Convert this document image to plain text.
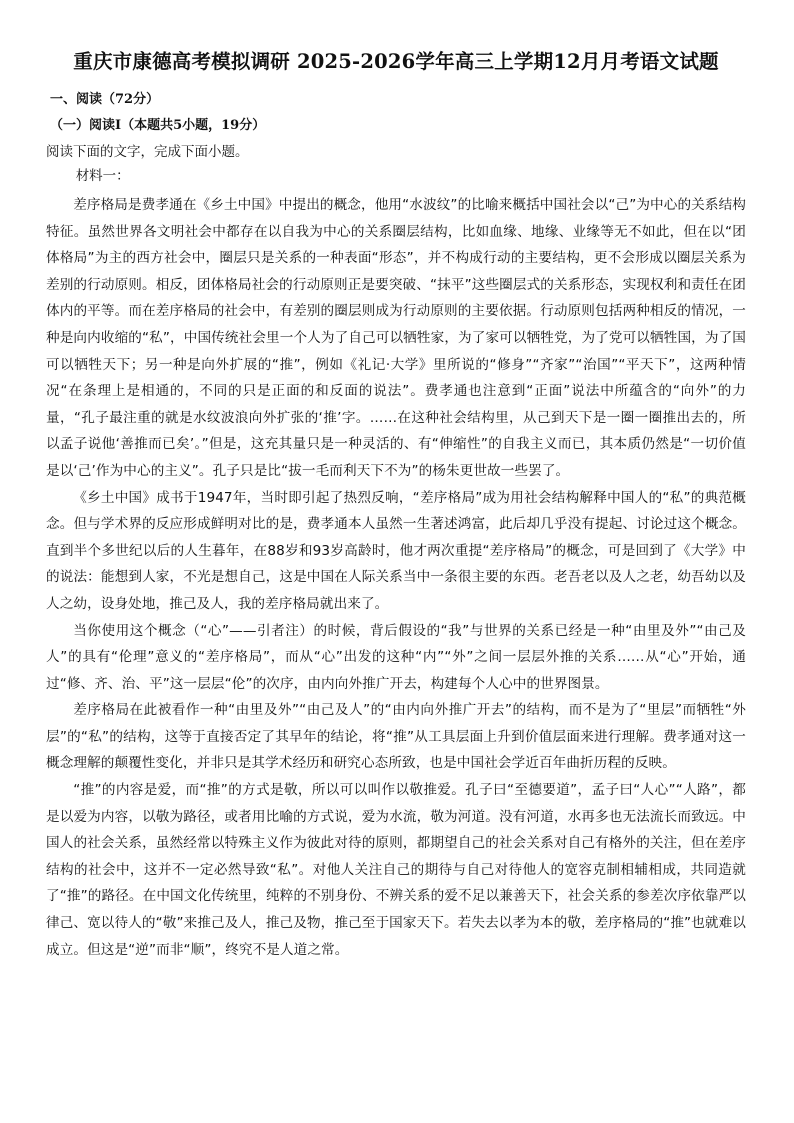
重庆市康德高考模拟调研 2025-2026学年高三上学期12月月考语文试题
一、阅读（72分）
（一）阅读Ⅰ（本题共5小题，19分）
阅读下面的文字，完成下面小题。
材料一：

差序格局是费孝通在《乡土中国》中提出的概念，他用“水波纹”的比喻来概括中国社会以“己”为中心的关系结构特征。虽然世界各文明社会中都存在以自我为中心的关系圈层结构，比如血缘、地缘、业缘等无不如此，但在以“团体格局”为主的西方社会中，圈层只是关系的一种表面“形态”，并不构成行动的主要结构，更不会形成以圈层关系为差别的行动原则。相反，团体格局社会的行动原则正是要突破、“抹平”这些圈层式的关系形态，实现权利和责任在团体内的平等。而在差序格局的社会中，有差别的圈层则成为行动原则的主要依据。行动原则包括两种相反的情况，一种是向内收缩的“私”，中国传统社会里一个人为了自己可以牺牲家，为了家可以牺牲党，为了党可以牺牲国，为了国可以牺牲天下；另一种是向外扩展的“推”，例如《礼记·大学》里所说的“修身”“齐家”“治国”“平天下”，这两种情况“在条理上是相通的，不同的只是正面的和反面的说法”。费孝通也注意到“正面”说法中所蕴含的“向外”的力量，“孔子最注重的就是水纹波浪向外扩张的‘推’字。……在这种社会结构里，从己到天下是一圈一圈推出去的，所以孟子说他‘善推而已矣’。”但是，这充其量只是一种灵活的、有“伸缩性”的自我主义而已，其本质仍然是“一切价值是以‘己’作为中心的主义”。孔子只是比“拔一毛而利天下不为”的杨朱更世故一些罢了。

《乡土中国》成书于1947年，当时即引起了热烈反响，“差序格局”成为用社会结构解释中国人的“私”的典范概念。但与学术界的反应形成鲜明对比的是，费孝通本人虽然一生著述鸿富，此后却几乎没有提起、讨论过这个概念。直到半个多世纪以后的人生暮年，在88岁和93岁高龄时，他才两次重提“差序格局”的概念，可是回到了《大学》中的说法：能想到人家，不光是想自己，这是中国在人际关系当中一条很主要的东西。老吾老以及人之老，幼吾幼以及人之幼，设身处地，推己及人，我的差序格局就出来了。

当你使用这个概念（“心”——引者注）的时候，背后假设的“我”与世界的关系已经是一种“由里及外”“由己及人”的具有“伦理”意义的“差序格局”，而从“心”出发的这种“内”“外”之间一层层外推的关系……从“心”开始，通过“修、齐、治、平”这一层层“伦”的次序，由内向外推广开去，构建每个人心中的世界图景。

差序格局在此被看作一种“由里及外”“由己及人”的“由内向外推广开去”的结构，而不是为了“里层”而牺牲“外层”的“私”的结构，这等于直接否定了其早年的结论，将“推”从工具层面上升到价值层面来进行理解。费孝通对这一概念理解的颠覆性变化，并非只是其学术经历和研究心态所致，也是中国社会学近百年曲折历程的反映。

“推”的内容是爱，而“推”的方式是敬，所以可以叫作以敬推爱。孔子曰“至德要道”，孟子曰“人心”“人路”，都是以爱为内容，以敬为路径，或者用比喻的方式说，爱为水流，敬为河道。没有河道，水再多也无法流长而致远。中国人的社会关系，虽然经常以特殊主义作为彼此对待的原则，都期望自己的社会关系对自己有格外的关注，但在差序结构的社会中，这并不一定必然导致“私”。对他人关注自己的期待与自己对待他人的宽容克制相辅相成，共同造就了“推”的路径。在中国文化传统里，纯粹的不别身份、不辨关系的爱不足以兼善天下，社会关系的参差次序依靠严以律己、宽以待人的“敬”来推己及人，推己及物，推己至于国家天下。若失去以孝为本的敬，差序格局的“推”也就难以成立。但这是“逆”而非“顺”，终究不是人道之常。
